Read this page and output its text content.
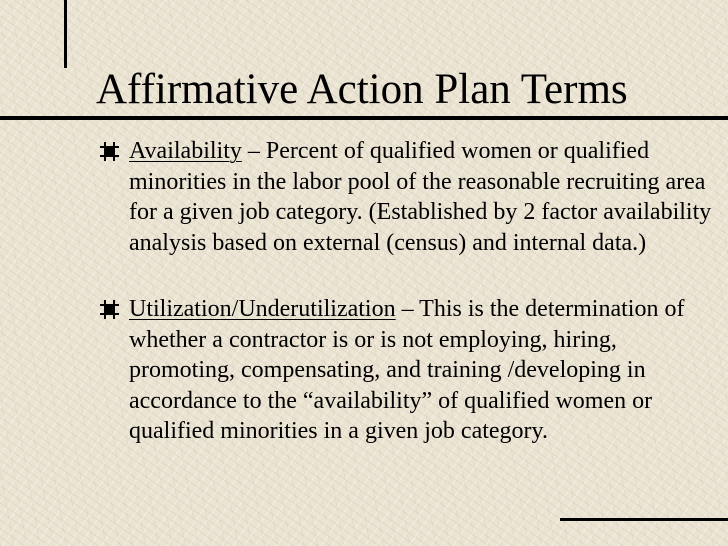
Affirmative Action Plan Terms
Availability – Percent of qualified women or qualified minorities in the labor pool of the reasonable recruiting area for a given job category. (Established by 2 factor availability analysis based on external (census) and internal data.)
Utilization/Underutilization – This is the determination of whether a contractor is or is not employing, hiring, promoting, compensating, and training /developing in accordance to the “availability” of qualified women or qualified minorities in a given job category.
